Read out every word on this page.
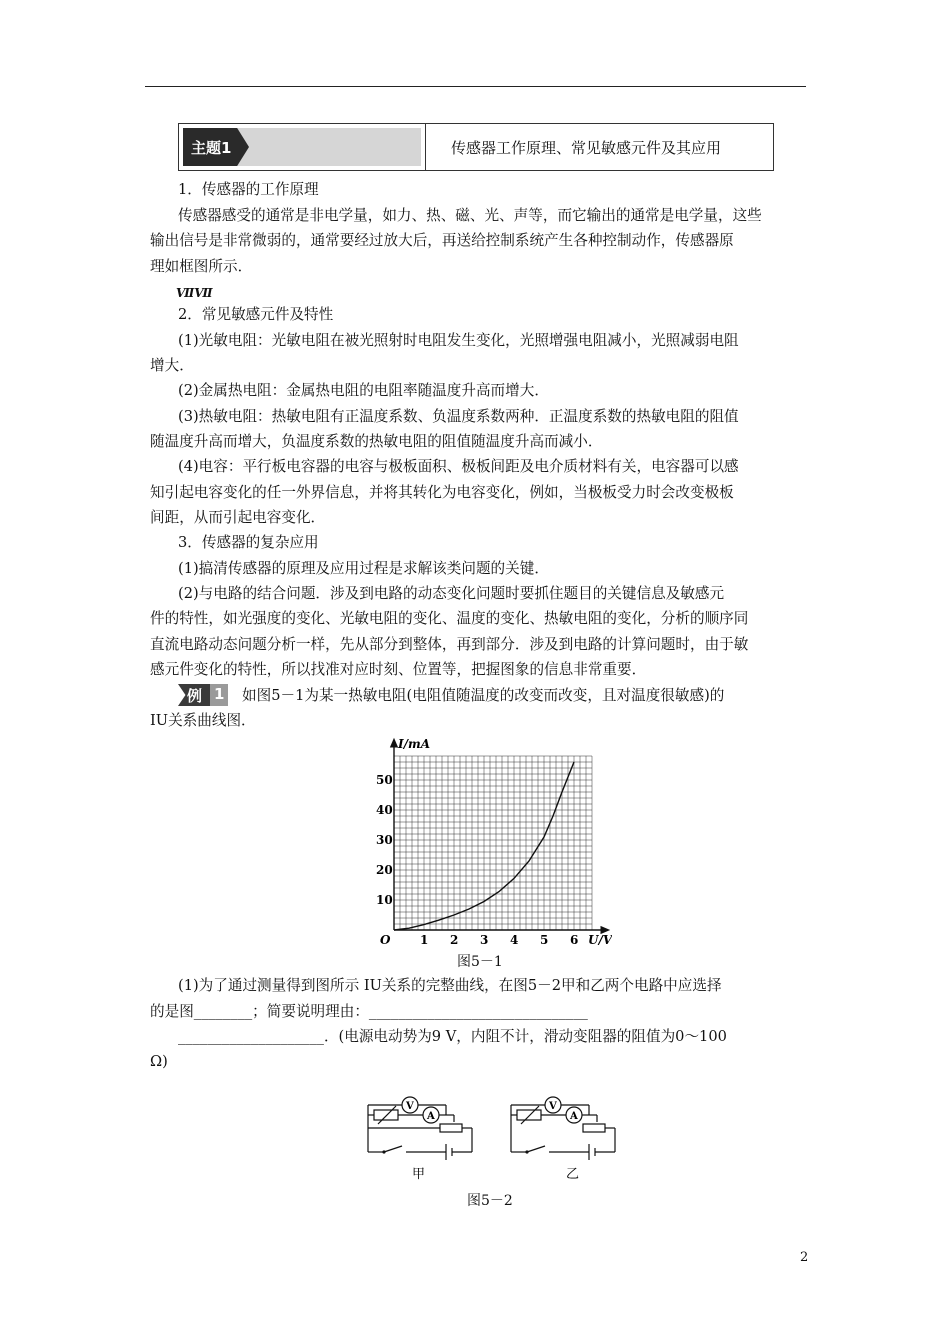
主题1	传感器工作原理、常见敏感元件及其应用
1．传感器的工作原理
传感器感受的通常是非电学量，如力、热、磁、光、声等，而它输出的通常是电学量，这些
输出信号是非常微弱的，通常要经过放大后，再送给控制系统产生各种控制动作，传感器原
理如框图所示．
ⅦⅦ
2．常见敏感元件及特性
(1)光敏电阻：光敏电阻在被光照射时电阻发生变化，光照增强电阻减小，光照减弱电阻
增大．
(2)金属热电阻：金属热电阻的电阻率随温度升高而增大．
(3)热敏电阻：热敏电阻有正温度系数、负温度系数两种．正温度系数的热敏电阻的阻值
随温度升高而增大，负温度系数的热敏电阻的阻值随温度升高而减小．
(4)电容：平行板电容器的电容与极板面积、极板间距及电介质材料有关，电容器可以感
知引起电容变化的任一外界信息，并将其转化为电容变化，例如，当极板受力时会改变极板
间距，从而引起电容变化．
3．传感器的复杂应用
(1)搞清传感器的原理及应用过程是求解该类问题的关键．
(2)与电路的结合问题．涉及到电路的动态变化问题时要抓住题目的关键信息及敏感元
件的特性，如光强度的变化、光敏电阻的变化、温度的变化、热敏电阻的变化，分析的顺序同
直流电路动态问题分析一样，先从部分到整体，再到部分．涉及到电路的计算问题时，由于敏
感元件变化的特性，所以找准对应时刻、位置等，把握图象的信息非常重要．
例 1 如图5－1为某一热敏电阻(电阻值随温度的改变而改变，且对温度很敏感)的
IU关系曲线图．
1 2 3 4 5 6
10
20
30
40
50
I/mA
U/V
O
图5－1
(1)为了通过测量得到图所示 IU关系的完整曲线，在图5－2甲和乙两个电路中应选择
的是图________；简要说明理由：______________________________
____________________．(电源电动势为9 V，内阻不计，滑动变阻器的阻值为0～100
Ω)
V
A
甲
V
A
乙
图5－2
2
